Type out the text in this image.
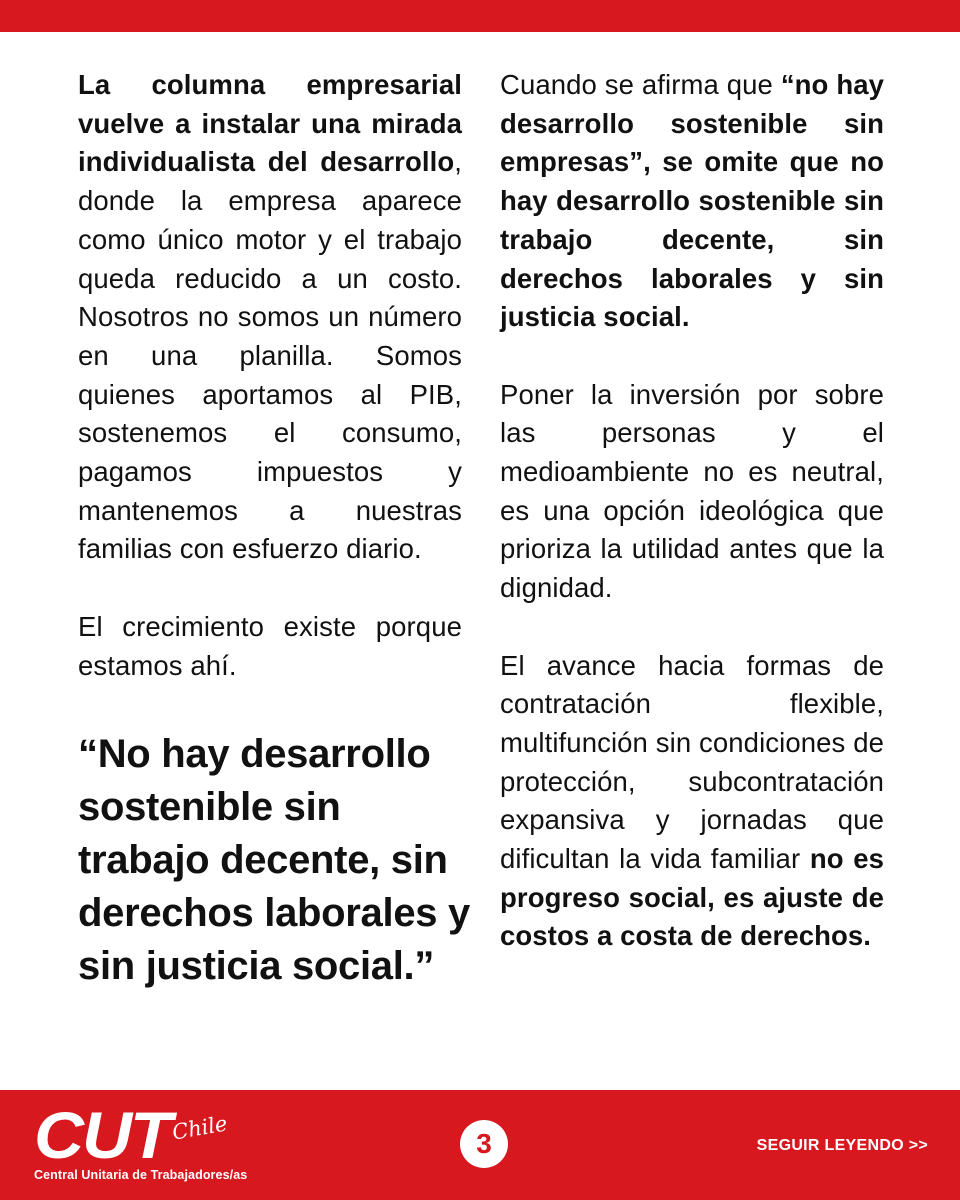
La columna empresarial vuelve a instalar una mirada individualista del desarrollo, donde la empresa aparece como único motor y el trabajo queda reducido a un costo. Nosotros no somos un número en una planilla. Somos quienes aportamos al PIB, sostenemos el consumo, pagamos impuestos y mantenemos a nuestras familias con esfuerzo diario.

El crecimiento existe porque estamos ahí.

“No hay desarrollo sostenible sin trabajo decente, sin derechos laborales y sin justicia social.”

Cuando se afirma que “no hay desarrollo sostenible sin empresas”, se omite que no hay desarrollo sostenible sin trabajo decente, sin derechos laborales y sin justicia social.

Poner la inversión por sobre las personas y el medioambiente no es neutral, es una opción ideológica que prioriza la utilidad antes que la dignidad.

El avance hacia formas de contratación flexible, multifunción sin condiciones de protección, subcontratación expansiva y jornadas que dificultan la vida familiar no es progreso social, es ajuste de costos a costa de derechos.

CUT Chile
Central Unitaria de Trabajadores/as
3	SEGUIR LEYENDO >>
